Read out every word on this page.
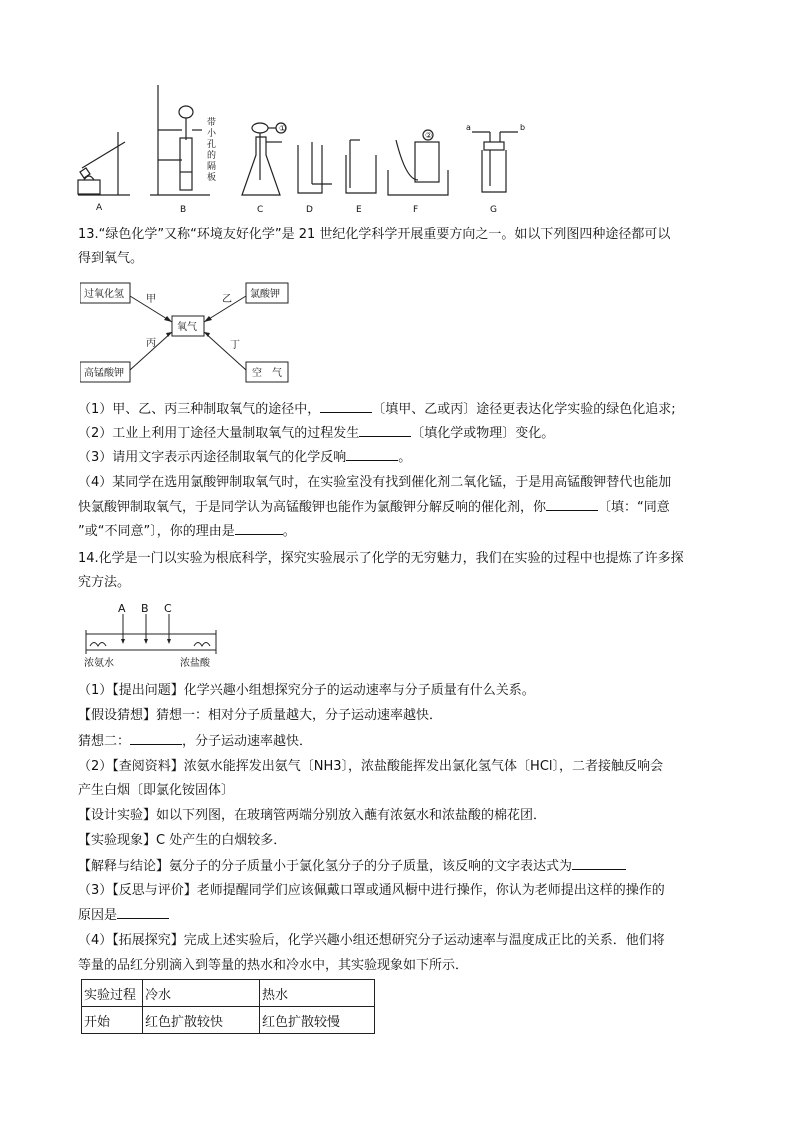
A	B	C	D	E	F	G
①
②
a	b
带小孔的隔板
13.“绿色化学”又称“环境友好化学”是 21 世纪化学科学开展重要方向之一。如以下列图四种途径都可以
得到氧气。
过氧化氢	氯酸钾
氧气
高锰酸钾	空　气
甲	乙
丙	丁
（1）甲、乙、丙三种制取氧气的途径中，	〔填甲、乙或丙〕途径更表达化学实验的绿色化追求;
（2）工业上利用丁途径大量制取氧气的过程发生	〔填化学或物理〕变化。
（3）请用文字表示丙途径制取氧气的化学反响	。
（4）某同学在选用氯酸钾制取氧气时，在实验室没有找到催化剂二氧化锰，于是用高锰酸钾替代也能加
快氯酸钾制取氧气，于是同学认为高锰酸钾也能作为氯酸钾分解反响的催化剂，你	〔填：“同意
”或“不同意”〕，你的理由是	。
14.化学是一门以实验为根底科学，探究实验展示了化学的无穷魅力，我们在实验的过程中也提炼了许多探
究方法。
A B C
浓氨水	浓盐酸
（1）【提出问题】化学兴趣小组想探究分子的运动速率与分子质量有什么关系。
【假设猜想】猜想一：相对分子质量越大，分子运动速率越快．
猜想二：	，分子运动速率越快．
（2）【查阅资料】浓氨水能挥发出氨气〔NH3〕，浓盐酸能挥发出氯化氢气体〔HCl〕，二者接触反响会
产生白烟〔即氯化铵固体〕
【设计实验】如以下列图，在玻璃管两端分别放入蘸有浓氨水和浓盐酸的棉花团．
【实验现象】C 处产生的白烟较多．
【解释与结论】氨分子的分子质量小于氯化氢分子的分子质量，该反响的文字表达式为
（3）【反思与评价】老师提醒同学们应该佩戴口罩或通风橱中进行操作，你认为老师提出这样的操作的
原因是
（4）【拓展探究】完成上述实验后，化学兴趣小组还想研究分子运动速率与温度成正比的关系．他们将
等量的品红分别滴入到等量的热水和冷水中，其实验现象如下所示．
实验过程	冷水	热水
开始	红色扩散较快	红色扩散较慢
